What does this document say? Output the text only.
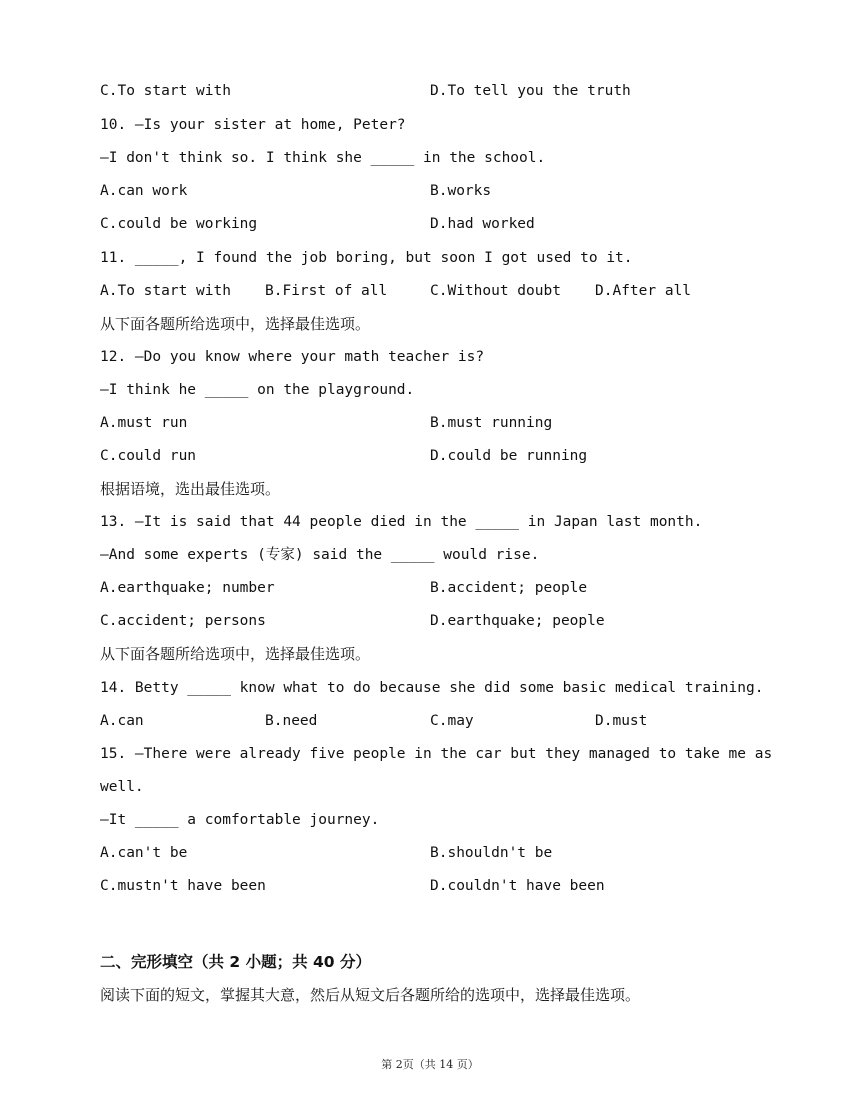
C.To start with	D.To tell you the truth
10. —Is your sister at home, Peter?
—I don't think so. I think she _____ in the school.
A.can work	B.works
C.could be working	D.had worked
11. _____, I found the job boring, but soon I got used to it.
A.To start with B.First of all	C.Without doubt D.After all
从下面各题所给选项中，选择最佳选项。
12. —Do you know where your math teacher is?
—I think he _____ on the playground.
A.must run	B.must running
C.could run	D.could be running
根据语境，选出最佳选项。
13. —It is said that 44 people died in the _____ in Japan last month.
—And some experts (专家) said the _____ would rise.
A.earthquake; number	B.accident; people
C.accident; persons	D.earthquake; people
从下面各题所给选项中，选择最佳选项。
14. Betty _____ know what to do because she did some basic medical training.
A.can	B.need	C.may	D.must
15. —There were already five people in the car but they managed to take me as
well.
—It _____ a comfortable journey.
A.can't be	B.shouldn't be
C.mustn't have been	D.couldn't have been
二、完形填空（共 2 小题；共 40 分）
阅读下面的短文，掌握其大意，然后从短文后各题所给的选项中，选择最佳选项。
第 2页（共 14 页）
